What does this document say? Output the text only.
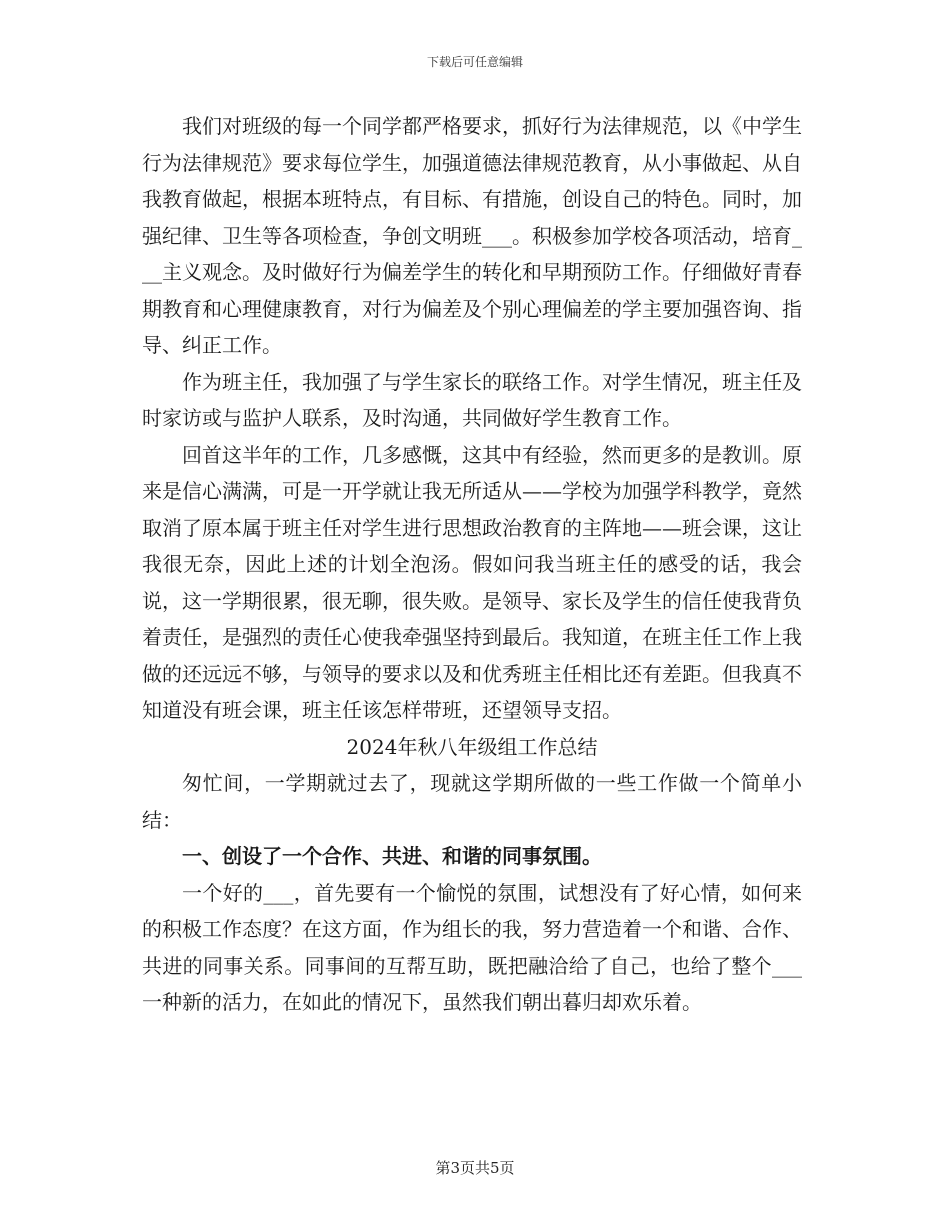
下载后可任意编辑

我们对班级的每一个同学都严格要求，抓好行为法律规范，以《中学生行为法律规范》要求每位学生，加强道德法律规范教育，从小事做起、从自我教育做起，根据本班特点，有目标、有措施，创设自己的特色。同时，加强纪律、卫生等各项检查，争创文明班___。积极参加学校各项活动，培育___主义观念。及时做好行为偏差学生的转化和早期预防工作。仔细做好青春期教育和心理健康教育，对行为偏差及个别心理偏差的学主要加强咨询、指导、纠正工作。

作为班主任，我加强了与学生家长的联络工作。对学生情况，班主任及时家访或与监护人联系，及时沟通，共同做好学生教育工作。

回首这半年的工作，几多感慨，这其中有经验，然而更多的是教训。原来是信心满满，可是一开学就让我无所适从——学校为加强学科教学，竟然取消了原本属于班主任对学生进行思想政治教育的主阵地——班会课，这让我很无奈，因此上述的计划全泡汤。假如问我当班主任的感受的话，我会说，这一学期很累，很无聊，很失败。是领导、家长及学生的信任使我背负着责任，是强烈的责任心使我牵强坚持到最后。我知道，在班主任工作上我做的还远远不够，与领导的要求以及和优秀班主任相比还有差距。但我真不知道没有班会课，班主任该怎样带班，还望领导支招。

2024年秋八年级组工作总结

匆忙间，一学期就过去了，现就这学期所做的一些工作做一个简单小结：

一、创设了一个合作、共进、和谐的同事氛围。

一个好的___，首先要有一个愉悦的氛围，试想没有了好心情，如何来的积极工作态度？在这方面，作为组长的我，努力营造着一个和谐、合作、共进的同事关系。同事间的互帮互助，既把融洽给了自己，也给了整个___一种新的活力，在如此的情况下，虽然我们朝出暮归却欢乐着。

第3页共5页
